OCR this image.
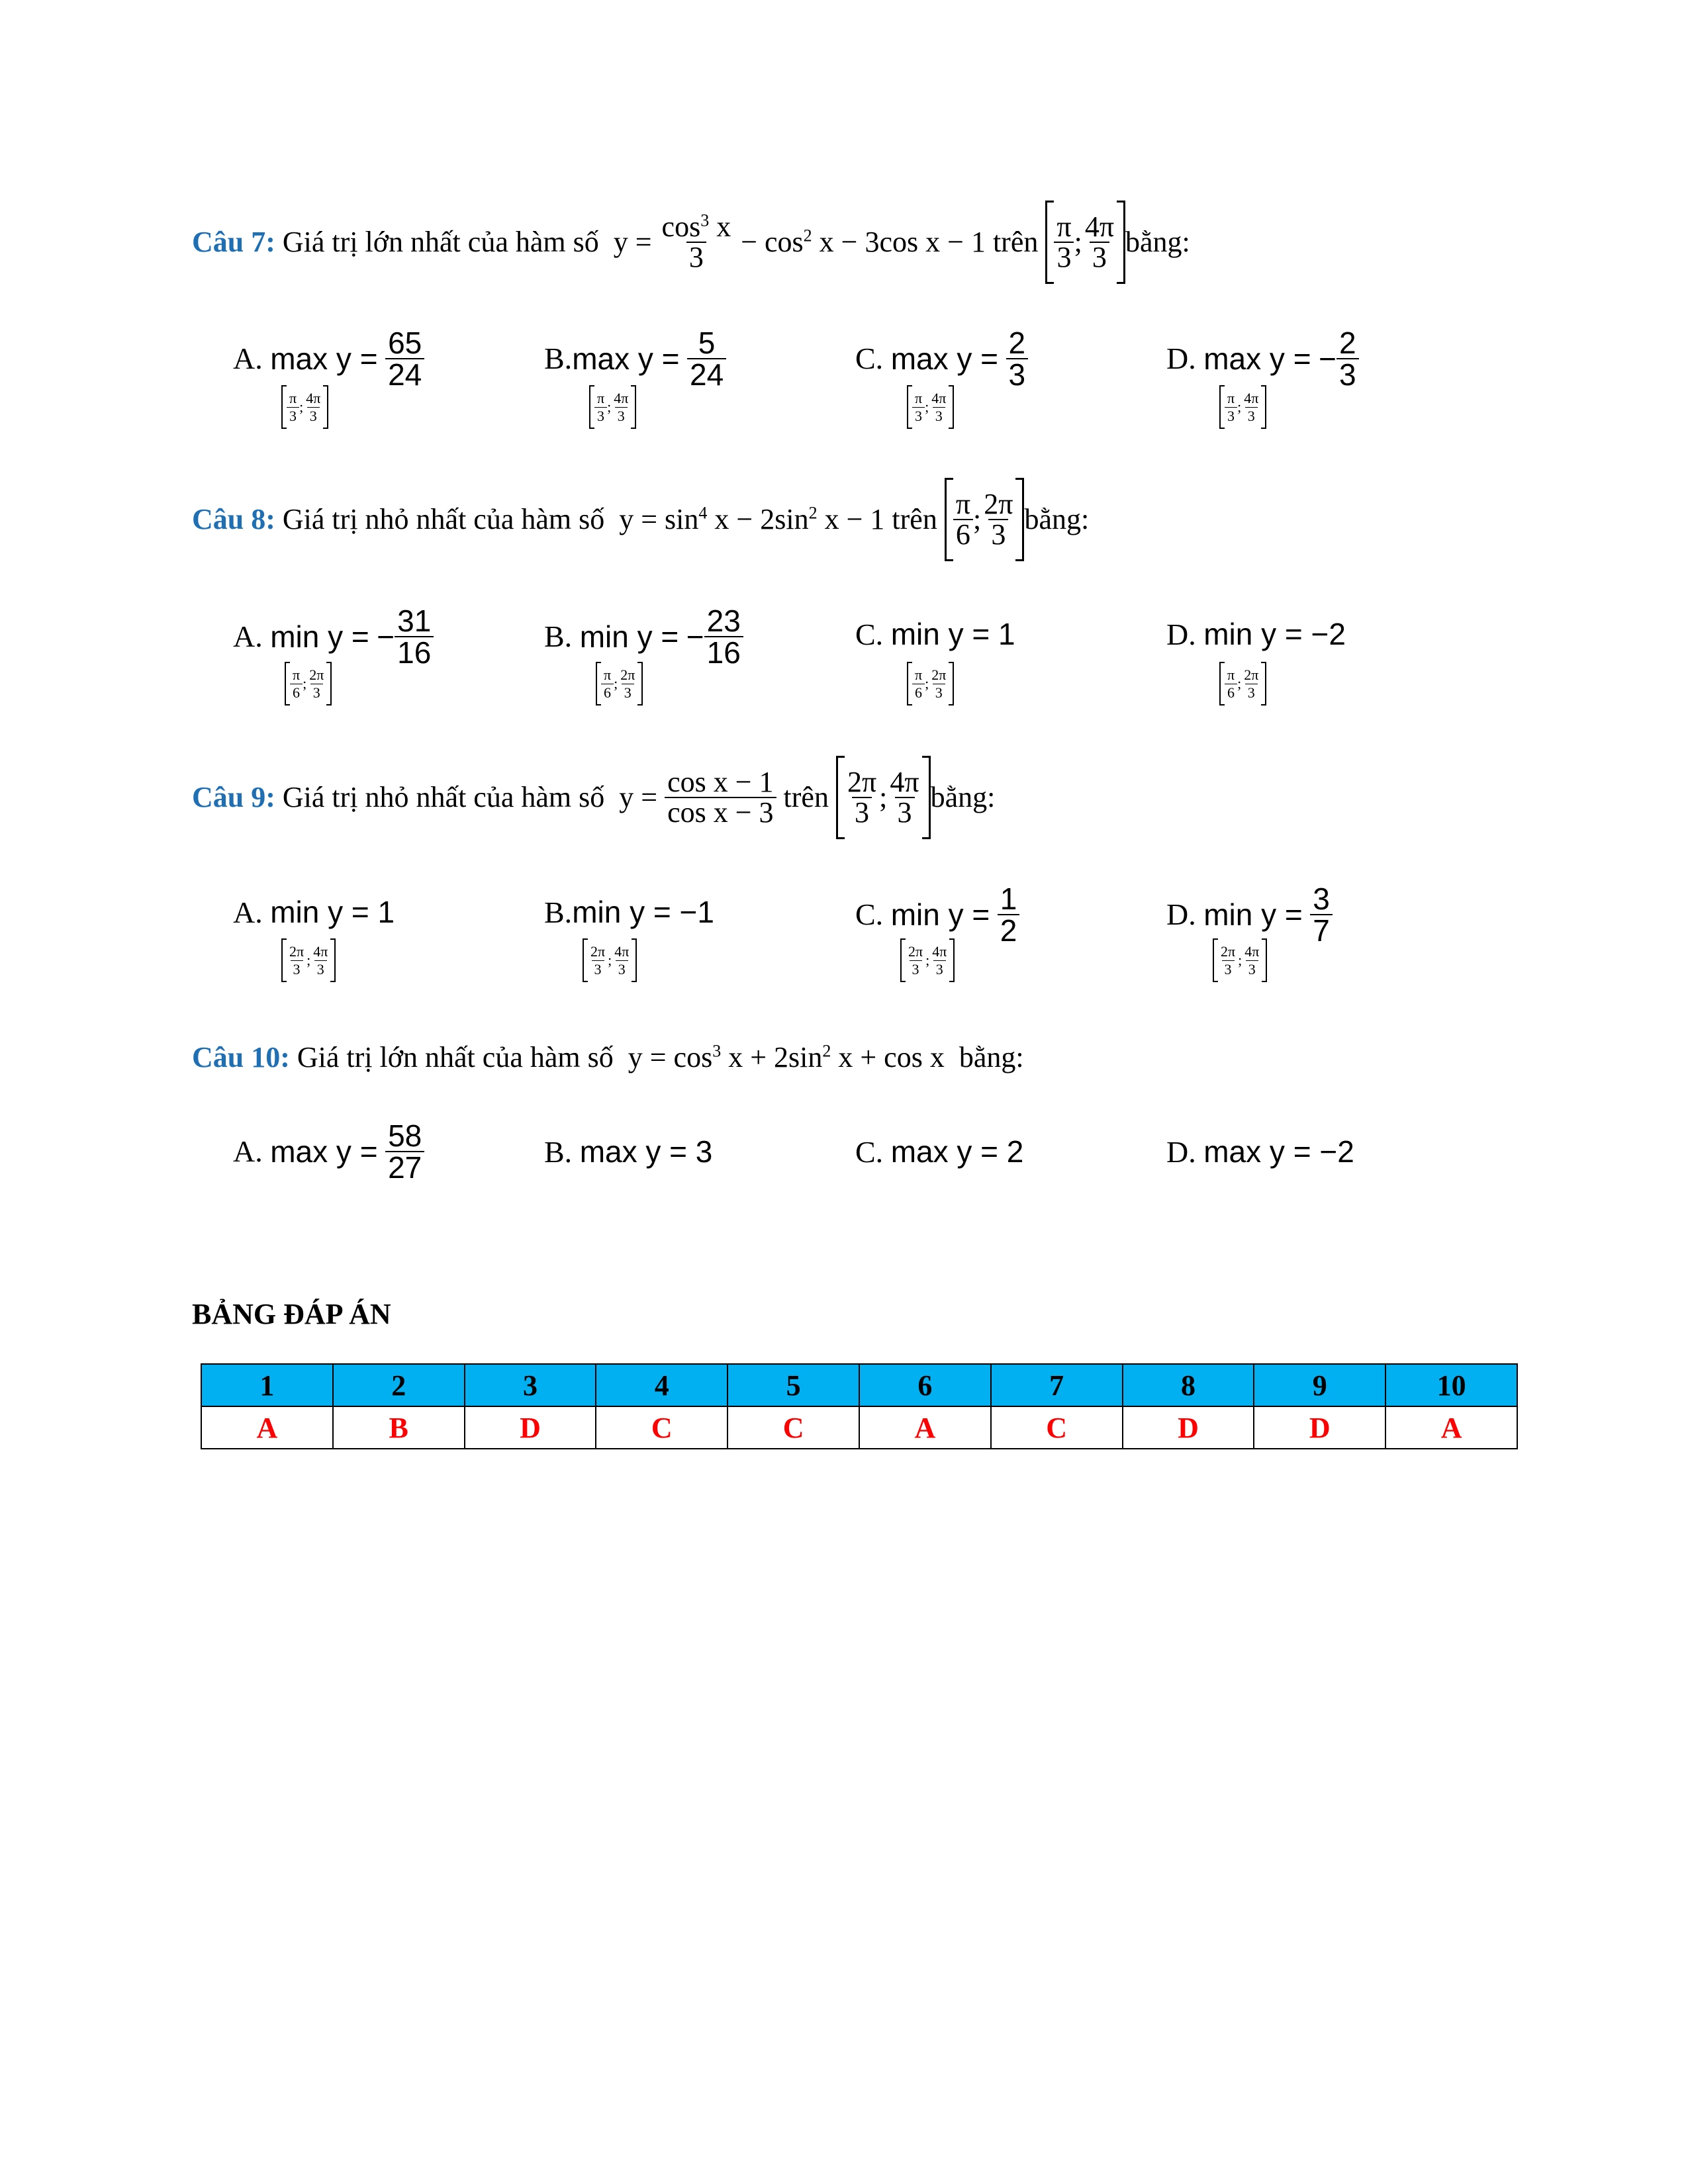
Câu 7:
Giá trị lớn nhất của hàm số
y =
$\frac{\cos^3 x}{3} - \cos^2 x - 3\cos$ x − 1
trên
$\frac{\pi}{3}$ ; $\frac{4\pi}{3}$ bằng:
A.
max y =
$\frac{65}{24}$
$\frac{\pi}{3}$ ; $\frac{4\pi}{3}$
B. max y =
$\frac{5}{24}$
$\frac{\pi}{3}$ ; $\frac{4\pi}{3}$
C.
max y =
$\frac{2}{3}$
$\frac{\pi}{3}$ ; $\frac{4\pi}{3}$
D.
max y =
− $\frac{2}{3}$
$\frac{\pi}{3}$ ; $\frac{4\pi}{3}$
Câu 8:
Giá trị nhỏ nhất của hàm số
$y = \sin^4 x - 2\sin^2$ x − 1
trên
$\frac{\pi}{6}$ ; $\frac{2\pi}{3}$ bằng:
A.
min y =
− $\frac{31}{16}$
$\frac{\pi}{6}$ ; $\frac{2\pi}{3}$
B.
min y =
− $\frac{23}{16}$
$\frac{\pi}{6}$ ; $\frac{2\pi}{3}$
C. min y = 1
$\frac{\pi}{6}$ ; $\frac{2\pi}{3}$
D. min y = −2
$\frac{\pi}{6}$ ; $\frac{2\pi}{3}$
Câu 9:
Giá trị nhỏ nhất của hàm số
y =
$\frac{\text{cos x − 1}}{\text{cos x − 3}}$
trên
$\frac{2\pi}{3}$ ; $\frac{4\pi}{3}$ bằng:
A. min y = 1
$\frac{2\pi}{3}$ ; $\frac{4\pi}{3}$
B.min y = −1
$\frac{2\pi}{3}$ ; $\frac{4\pi}{3}$
C.
min y =
$\frac{1}{2}$
$\frac{2\pi}{3}$ ; $\frac{4\pi}{3}$
D.
min y =
$\frac{3}{7}$
$\frac{2\pi}{3}$ ; $\frac{4\pi}{3}$
Câu 10:
Giá trị lớn nhất của hàm số
$y = \cos^3 x + 2\sin^2$ x + cos x
bằng:
A.
max y =
$\frac{58}{27}$	B. max y = 3	C. max y = 2	D. max y = −2
BẢNG ĐÁP ÁN
1	2	3	4	5	6	7	8	9	10
A	B	D	C	C	A	C	D	D	A
